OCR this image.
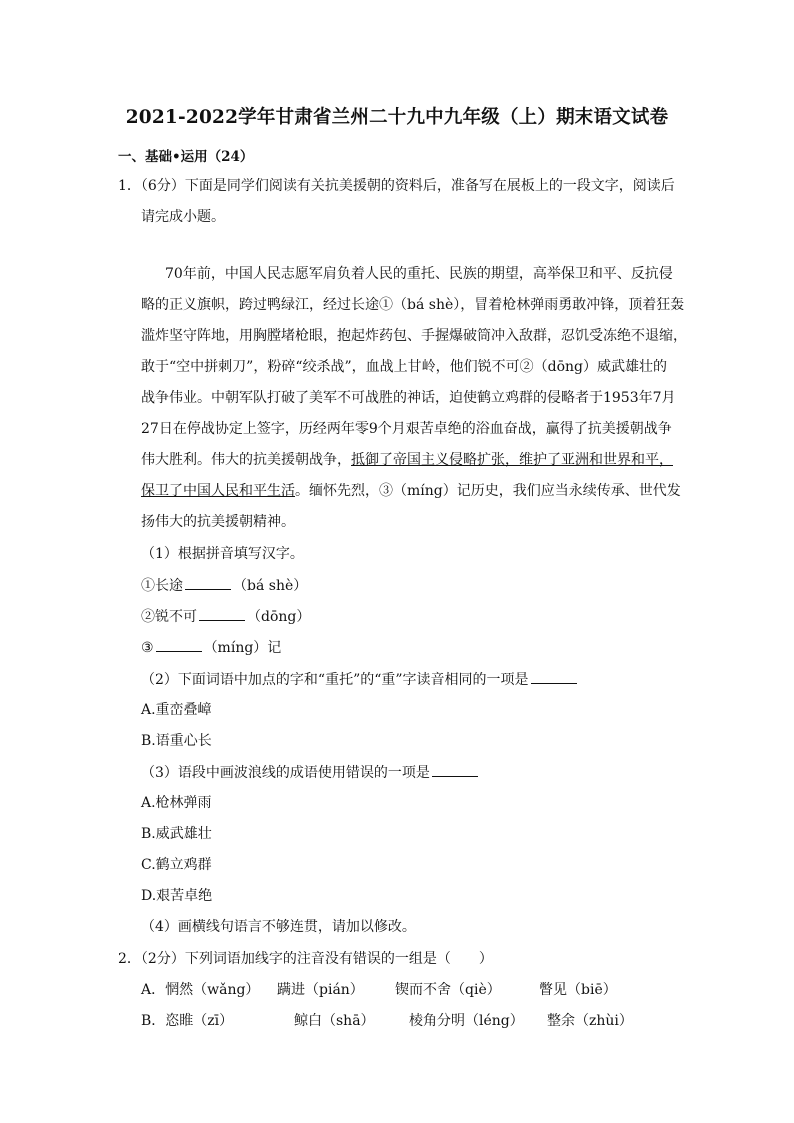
2021-2022学年甘肃省兰州二十九中九年级（上）期末语文试卷
一、基础•运用（24）
1．（6分）下面是同学们阅读有关抗美援朝的资料后，准备写在展板上的一段文字，阅读后
请完成小题。
70年前，中国人民志愿军肩负着人民的重托、民族的期望，高举保卫和平、反抗侵
略的正义旗帜，跨过鸭绿江，经过长途①（bá shè），冒着枪林弹雨勇敢冲锋，顶着狂轰
滥炸坚守阵地，用胸膛堵枪眼，抱起炸药包、手握爆破筒冲入敌群，忍饥受冻绝不退缩，
敢于“空中拼刺刀”，粉碎“绞杀战”，血战上甘岭，他们锐不可②（dōng）威武雄壮的
战争伟业。中朝军队打破了美军不可战胜的神话，迫使鹤立鸡群的侵略者于1953年7月
27日在停战协定上签字，历经两年零9个月艰苦卓绝的浴血奋战，赢得了抗美援朝战争
伟大胜利。伟大的抗美援朝战争，抵御了帝国主义侵略扩张，维护了亚洲和世界和平，
保卫了中国人民和平生活。缅怀先烈，③（míng）记历史，我们应当永续传承、世代发
扬伟大的抗美援朝精神。
（1）根据拼音填写汉字。
①长途	（bá shè）
②锐不可	（dōng）
③	（míng）记
（2）下面词语中加点的字和“重托”的“重”字读音相同的一项是
A.重峦叠嶂
B.语重心长
（3）语段中画波浪线的成语使用错误的一项是
A.枪林弹雨
B.威武雄壮
C.鹤立鸡群
D.艰苦卓绝
（4）画横线句语言不够连贯，请加以修改。
2．（2分）下列词语加线字的注音没有错误的一组是（　　）
A．惘然（wǎng） 蹒进（pián） 锲而不舍（qiè）	瞥见（biē）
B．恣睢（zī）	鲸白（shā） 棱角分明（léng） 整余（zhùi）
